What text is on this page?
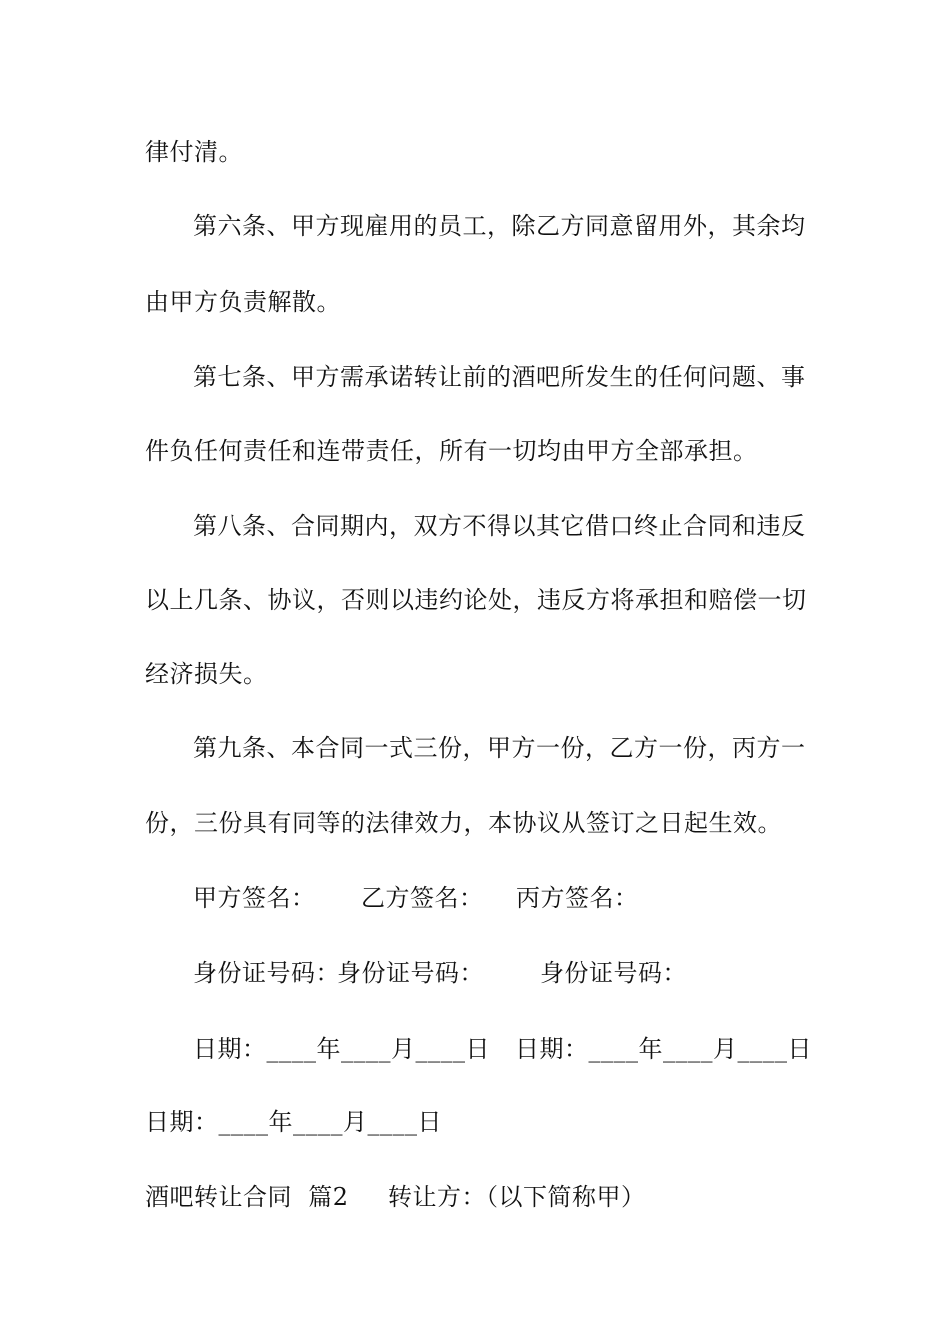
律付清。
第六条、甲方现雇用的员工，除乙方同意留用外，其余均
由甲方负责解散。
第七条、甲方需承诺转让前的酒吧所发生的任何问题、事
件负任何责任和连带责任，所有一切均由甲方全部承担。
第八条、合同期内，双方不得以其它借口终止合同和违反
以上几条、协议，否则以违约论处，违反方将承担和赔偿一切
经济损失。
第九条、本合同一式三份，甲方一份，乙方一份，丙方一
份，三份具有同等的法律效力，本协议从签订之日起生效。
甲方签名： 乙方签名： 丙方签名：
身份证号码：
身份证号码： 身份证号码：
日期：____年____月____日 日期：____年____月____日
日期：____年____月____日
酒吧转让合同  篇2 转让方：（以下简称甲）
